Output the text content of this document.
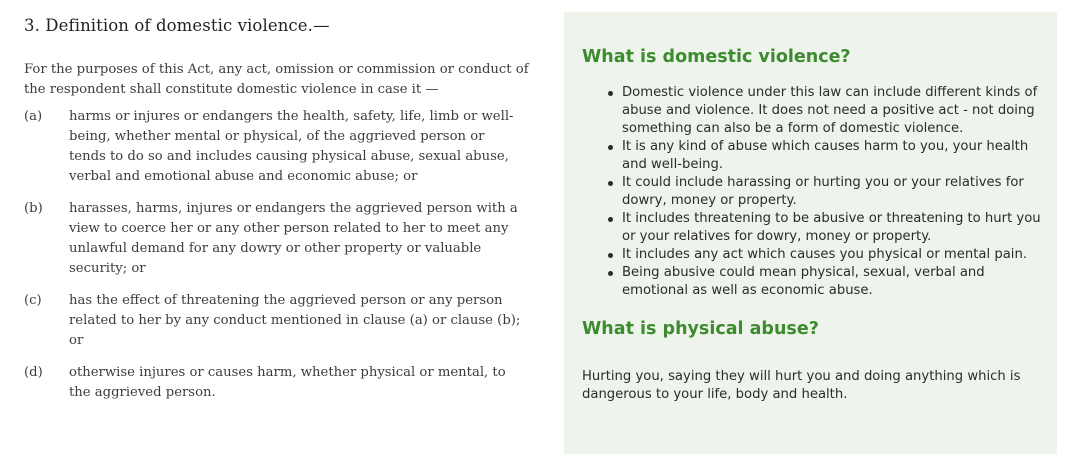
3. Definition of domestic violence.—
For the purposes of this Act, any act, omission or commission or conduct of the respondent shall constitute domestic violence in case it —
(a)	harms or injures or endangers the health, safety, life, limb or well-being, whether mental or physical, of the aggrieved person or tends to do so and includes causing physical abuse, sexual abuse, verbal and emotional abuse and economic abuse; or
(b)	harasses, harms, injures or endangers the aggrieved person with a view to coerce her or any other person related to her to meet any unlawful demand for any dowry or other property or valuable security; or
(c)	has the effect of threatening the aggrieved person or any person related to her by any conduct mentioned in clause (a) or clause (b); or
(d)	otherwise injures or causes harm, whether physical or mental, to the aggrieved person.
What is domestic violence?
Domestic violence under this law can include different kinds of abuse and violence. It does not need a positive act - not doing something can also be a form of domestic violence.
It is any kind of abuse which causes harm to you, your health and well-being.
It could include harassing or hurting you or your relatives for dowry, money or property.
It includes threatening to be abusive or threatening to hurt you or your relatives for dowry, money or property.
It includes any act which causes you physical or mental pain.
Being abusive could mean physical, sexual, verbal and emotional as well as economic abuse.
What is physical abuse?

Hurting you, saying they will hurt you and doing anything which is dangerous to your life, body and health.
